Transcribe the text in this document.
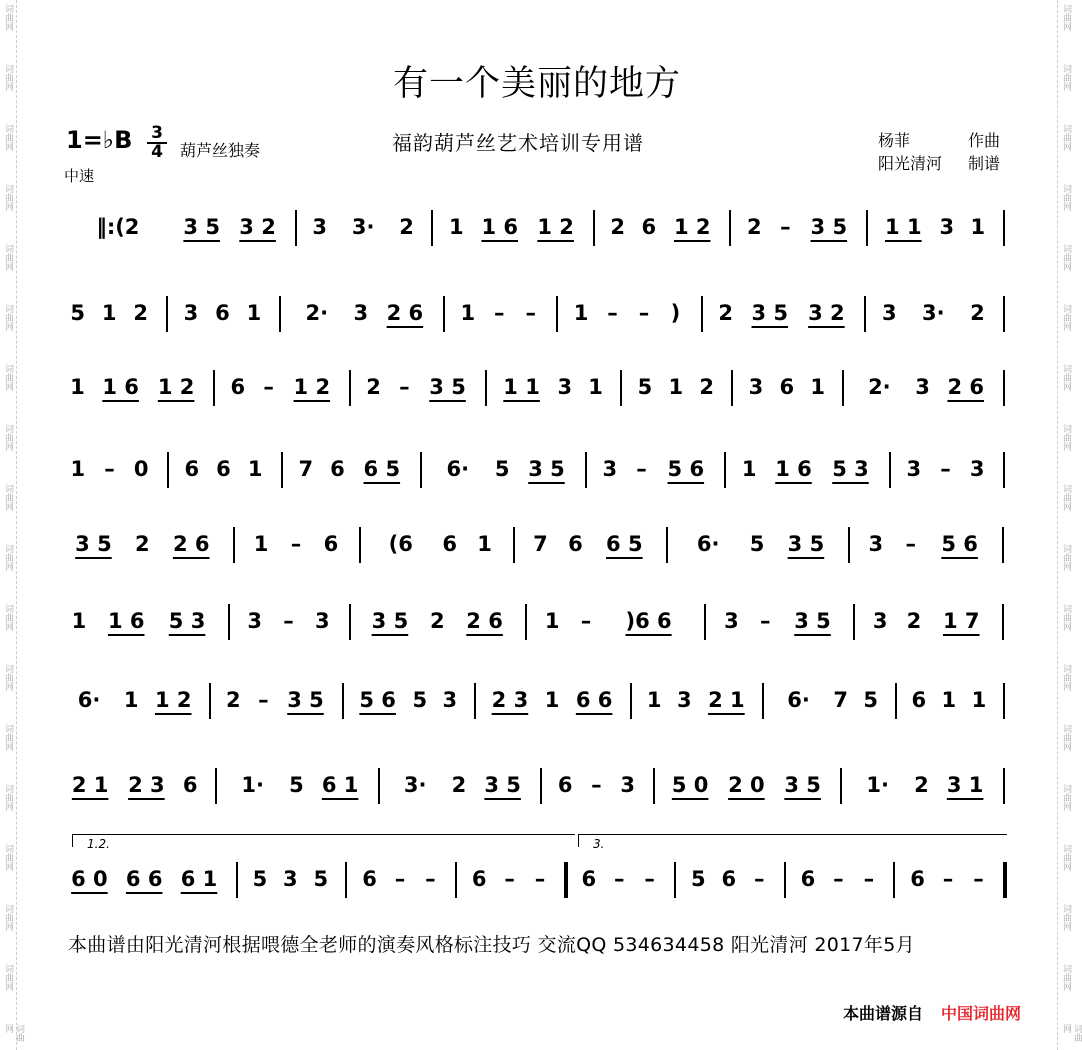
词曲网
词曲网
词曲网
词曲网
词曲网
词曲网
词曲网
词曲网
词曲网
词曲网
词曲网
词曲网
词曲网
词曲网
词曲网
词曲网
词曲网
词曲网
词曲网
词曲网
词曲网
词曲网
词曲网
词曲网
词曲网
词曲网
词曲网
词曲网
词曲网
词曲网
词曲网
词曲网
词曲网
词曲网
词曲网
词曲网
有一个美丽的地方
1=♭B 3
4 葫芦丝独奏
中速
福韵葫芦丝艺术培训专用谱	杨菲	作曲
阳光清河 制谱
‖:(2	3 5 3 2	3	3·	2	1 1 6 1 2	2 6 1 2	2 – 3 5	1 1 3 1
5 1 2	3 6 1	2·	3 2 6	1 – –	1 – –	)	2 3 5 3 2	3	3·	2
1 1 6 1 2	6 – 1 2	2 – 3 5	1 1 3 1	5 1 2	3 6 1	2·	3 2 6
1 – 0	6 6 1	7 6 6 5	6·	5 3 5	3 – 5 6	1 1 6 5 3	3 – 3
3 5	2	2 6	1	–	6	(6	6 1	7 6	6 5	6·	5	3 5	3	–	5 6
1	1 6	5 3	3	–	3	3 5	2	2 6	1	–	)6 6	3	–	3 5	3 2	1 7
6·	1 1 2	2 – 3 5	5 6 5 3	2 3 1 6 6	1 3 2 1	6·	7 5	6 1 1
2 1 2 3 6	1·	5 6 1	3·	2 3 5	6 – 3	5 0 2 0 3 5	1·	2 3 1
6 0 6 6 6 1	5 3 5	6 – –	6 – –	6 – –	5 6 –	6 – –	6 – –
1.2.	3.
本曲谱由阳光清河根据喂德全老师的演奏风格标注技巧 交流QQ 534634458 阳光清河 2017年5月
本曲谱源自 中国词曲网
